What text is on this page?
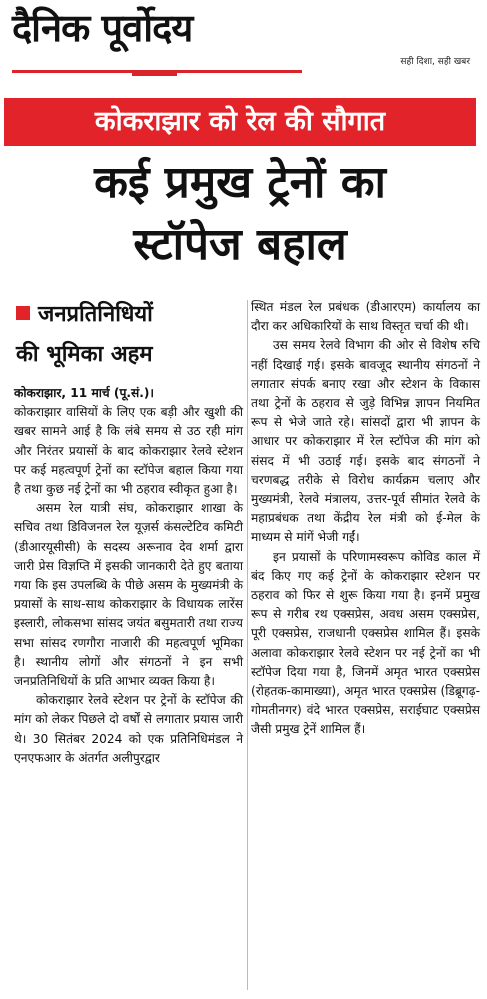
दैनिक पूर्वोदय
सही दिशा, सही खबर
कोकराझार को रेल की सौगात
कई प्रमुख ट्रेनों का
स्टॉपेज बहाल
जनप्रतिनिधियों
की भूमिका अहम

कोकराझार, 11 मार्च (पू.सं.)।

कोकराझार वासियों के लिए एक बड़ी और खुशी की खबर सामने आई है कि लंबे समय से उठ रही मांग और निरंतर प्रयासों के बाद कोकराझार रेलवे स्टेशन पर कई महत्वपूर्ण ट्रेनों का स्टॉपेज बहाल किया गया है तथा कुछ नई ट्रेनों का भी ठहराव स्वीकृत हुआ है।

असम रेल यात्री संघ, कोकराझार शाखा के सचिव तथा डिविजनल रेल यूज़र्स कंसल्टेटिव कमिटी (डीआरयूसीसी) के सदस्य अरूनाव देव शर्मा द्वारा जारी प्रेस विज्ञप्ति में इसकी जानकारी देते हुए बताया गया कि इस उपलब्धि के पीछे असम के मुख्यमंत्री के प्रयासों के साथ-साथ कोकराझार के विधायक लारेंस इस्लारी, लोकसभा सांसद जयंत बसुमतारी तथा राज्य सभा सांसद रणगौरा नाजारी की महत्वपूर्ण भूमिका है। स्थानीय लोगों और संगठनों ने इन सभी जनप्रतिनिधियों के प्रति आभार व्यक्त किया है।

कोकराझार रेलवे स्टेशन पर ट्रेनों के स्टॉपेज की मांग को लेकर पिछले दो वर्षों से लगातार प्रयास जारी थे। 30 सितंबर 2024 को एक प्रतिनिधिमंडल ने एनएफआर के अंतर्गत अलीपुरद्वार

स्थित मंडल रेल प्रबंधक (डीआरएम) कार्यालय का दौरा कर अधिकारियों के साथ विस्तृत चर्चा की थी।

उस समय रेलवे विभाग की ओर से विशेष रुचि नहीं दिखाई गई। इसके बावजूद स्थानीय संगठनों ने लगातार संपर्क बनाए रखा और स्टेशन के विकास तथा ट्रेनों के ठहराव से जुड़े विभिन्न ज्ञापन नियमित रूप से भेजे जाते रहे। सांसदों द्वारा भी ज्ञापन के आधार पर कोकराझार में रेल स्टॉपेज की मांग को संसद में भी उठाई गई। इसके बाद संगठनों ने चरणबद्ध तरीके से विरोध कार्यक्रम चलाए और मुख्यमंत्री, रेलवे मंत्रालय, उत्तर-पूर्व सीमांत रेलवे के महाप्रबंधक तथा केंद्रीय रेल मंत्री को ई-मेल के माध्यम से मांगें भेजी गईं।

इन प्रयासों के परिणामस्वरूप कोविड काल में बंद किए गए कई ट्रेनों के कोकराझार स्टेशन पर ठहराव को फिर से शुरू किया गया है। इनमें प्रमुख रूप से गरीब रथ एक्सप्रेस, अवध असम एक्सप्रेस, पूरी एक्सप्रेस, राजधानी एक्सप्रेस शामिल हैं। इसके अलावा कोकराझार रेलवे स्टेशन पर नई ट्रेनों का भी स्टॉपेज दिया गया है, जिनमें अमृत भारत एक्सप्रेस (रोहतक-कामाख्या), अमृत भारत एक्सप्रेस (डिब्रूगढ़-गोमतीनगर) वंदे भारत एक्सप्रेस, सराईघाट एक्सप्रेस जैसी प्रमुख ट्रेनें शामिल हैं।
